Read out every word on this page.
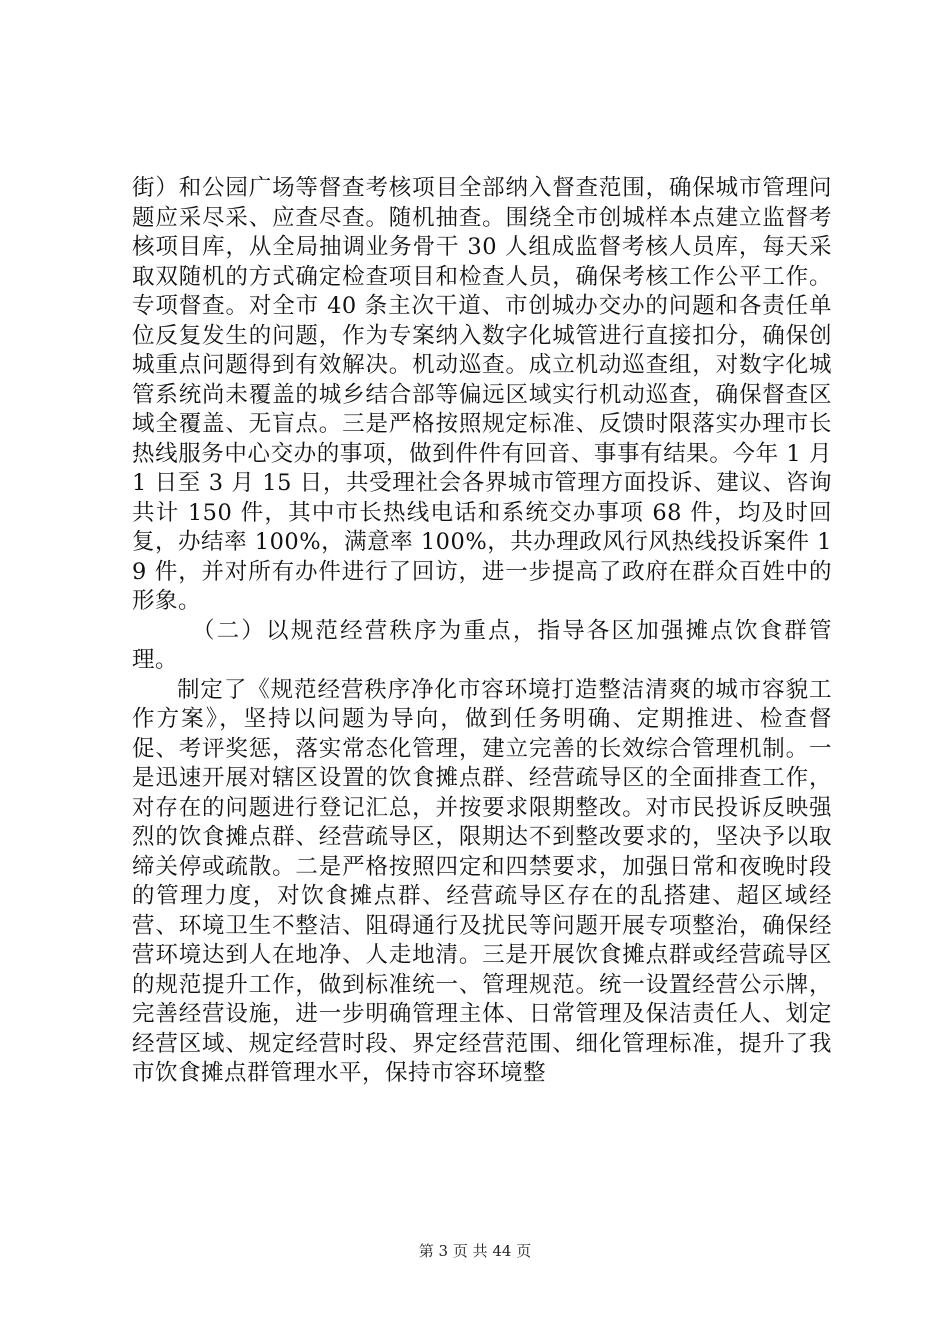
街）和公园广场等督查考核项目全部纳入督查范围，确保城市管理问题应采尽采、应查尽查。随机抽查。围绕全市创城样本点建立监督考核项目库，从全局抽调业务骨干 30 人组成监督考核人员库，每天采取双随机的方式确定检查项目和检查人员，确保考核工作公平工作。专项督查。对全市 40 条主次干道、市创城办交办的问题和各责任单位反复发生的问题，作为专案纳入数字化城管进行直接扣分，确保创城重点问题得到有效解决。机动巡查。成立机动巡查组，对数字化城管系统尚未覆盖的城乡结合部等偏远区域实行机动巡查，确保督查区域全覆盖、无盲点。三是严格按照规定标准、反馈时限落实办理市长热线服务中心交办的事项，做到件件有回音、事事有结果。今年 1 月 1 日至 3 月 15 日，共受理社会各界城市管理方面投诉、建议、咨询共计 150 件，其中市长热线电话和系统交办事项 68 件，均及时回复，办结率 100%，满意率 100%，共办理政风行风热线投诉案件 19 件，并对所有办件进行了回访，进一步提高了政府在群众百姓中的形象。

（二）以规范经营秩序为重点，指导各区加强摊点饮食群管理。

制定了《规范经营秩序净化市容环境打造整洁清爽的城市容貌工作方案》，坚持以问题为导向，做到任务明确、定期推进、检查督促、考评奖惩，落实常态化管理，建立完善的长效综合管理机制。一是迅速开展对辖区设置的饮食摊点群、经营疏导区的全面排查工作，对存在的问题进行登记汇总，并按要求限期整改。对市民投诉反映强烈的饮食摊点群、经营疏导区，限期达不到整改要求的，坚决予以取缔关停或疏散。二是严格按照四定和四禁要求，加强日常和夜晚时段的管理力度，对饮食摊点群、经营疏导区存在的乱搭建、超区域经营、环境卫生不整洁、阻碍通行及扰民等问题开展专项整治，确保经营环境达到人在地净、人走地清。三是开展饮食摊点群或经营疏导区的规范提升工作，做到标准统一、管理规范。统一设置经营公示牌，完善经营设施，进一步明确管理主体、日常管理及保洁责任人、划定经营区域、规定经营时段、界定经营范围、细化管理标准，提升了我市饮食摊点群管理水平，保持市容环境整

第 3 页 共 44 页
